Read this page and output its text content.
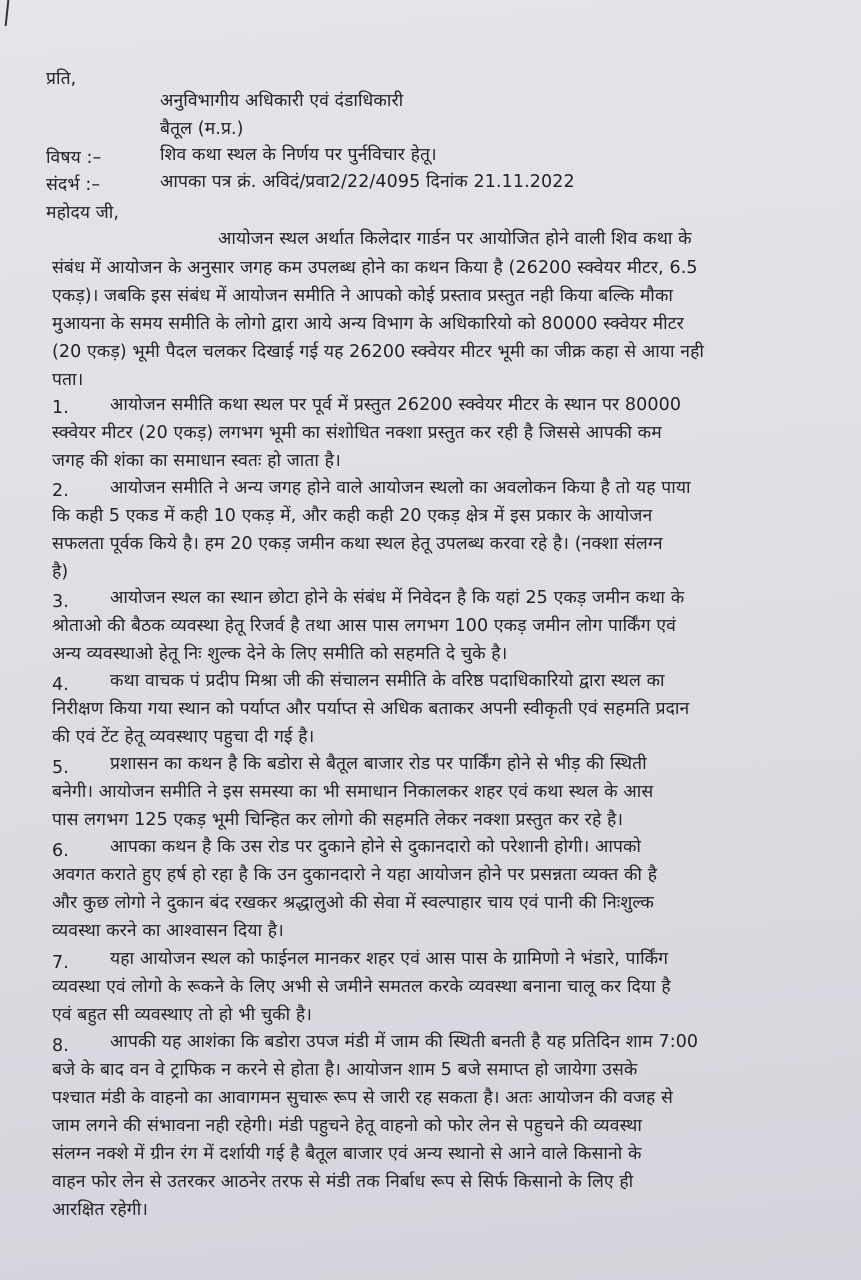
प्रति,
अनुविभागीय अधिकारी एवं दंडाधिकारी
बैतूल (म.प्र.)
विषय :–	शिव कथा स्थल के निर्णय पर पुर्नविचार हेतू।
संदर्भ :–	आपका पत्र क्रं. अविदं/प्रवा2/22/4095 दिनांक 21.11.2022
महोदय जी,
आयोजन स्थल अर्थात किलेदार गार्डन पर आयोजित होने वाली शिव कथा के
संबंध में आयोजन के अनुसार जगह कम उपलब्ध होने का कथन किया है (26200 स्क्वेयर मीटर, 6.5
एकड़)। जबकि इस संबंध में आयोजन समीति ने आपको कोई प्रस्ताव प्रस्तुत नही किया बल्कि मौका
मुआयना के समय समीति के लोगो द्वारा आये अन्य विभाग के अधिकारियो को 80000 स्क्वेयर मीटर
(20 एकड़) भूमी पैदल चलकर दिखाई गई यह 26200 स्क्वेयर मीटर भूमी का जीक्र कहा से आया नही
पता।
1. आयोजन समीति कथा स्थल पर पूर्व में प्रस्तुत 26200 स्क्वेयर मीटर के स्थान पर 80000
स्क्वेयर मीटर (20 एकड़) लगभग भूमी का संशोधित नक्शा प्रस्तुत कर रही है जिससे आपकी कम
जगह की शंका का समाधान स्वतः हो जाता है।
2. आयोजन समीति ने अन्य जगह होने वाले आयोजन स्थलो का अवलोकन किया है तो यह पाया
कि कही 5 एकड में कही 10 एकड़ में, और कही कही 20 एकड़ क्षेत्र में इस प्रकार के आयोजन
सफलता पूर्वक किये है। हम 20 एकड़ जमीन कथा स्थल हेतू उपलब्ध करवा रहे है। (नक्शा संलग्न
है)
3. आयोजन स्थल का स्थान छोटा होने के संबंध में निवेदन है कि यहां 25 एकड़ जमीन कथा के
श्रोताओ की बैठक व्यवस्था हेतू रिजर्व है तथा आस पास लगभग 100 एकड़ जमीन लोग पार्किंग एवं
अन्य व्यवस्थाओ हेतू निः शुल्क देने के लिए समीति को सहमति दे चुके है।
4. कथा वाचक पं प्रदीप मिश्रा जी की संचालन समीति के वरिष्ठ पदाधिकारियो द्वारा स्थल का
निरीक्षण किया गया स्थान को पर्याप्त और पर्याप्त से अधिक बताकर अपनी स्वीकृती एवं सहमति प्रदान
की एवं टेंट हेतू व्यवस्थाए पहुचा दी गई है।
5. प्रशासन का कथन है कि बडोरा से बैतूल बाजार रोड पर पार्किंग होने से भीड़ की स्थिती
बनेगी। आयोजन समीति ने इस समस्या का भी समाधान निकालकर शहर एवं कथा स्थल के आस
पास लगभग 125 एकड़ भूमी चिन्हित कर लोगो की सहमति लेकर नक्शा प्रस्तुत कर रहे है।
6. आपका कथन है कि उस रोड पर दुकाने होने से दुकानदारो को परेशानी होगी। आपको
अवगत कराते हुए हर्ष हो रहा है कि उन दुकानदारो ने यहा आयोजन होने पर प्रसन्नता व्यक्त की है
और कुछ लोगो ने दुकान बंद रखकर श्रद्धालुओ की सेवा में स्वल्पाहार चाय एवं पानी की निःशुल्क
व्यवस्था करने का आश्वासन दिया है।
7. यहा आयोजन स्थल को फाईनल मानकर शहर एवं आस पास के ग्रामिणो ने भंडारे, पार्किंग
व्यवस्था एवं लोगो के रूकने के लिए अभी से जमीने समतल करके व्यवस्था बनाना चालू कर दिया है
एवं बहुत सी व्यवस्थाए तो हो भी चुकी है।
8. आपकी यह आशंका कि बडोरा उपज मंडी में जाम की स्थिती बनती है यह प्रतिदिन शाम 7:00
बजे के बाद वन वे ट्राफिक न करने से होता है। आयोजन शाम 5 बजे समाप्त हो जायेगा उसके
पश्चात मंडी के वाहनो का आवागमन सुचारू रूप से जारी रह सकता है। अतः आयोजन की वजह से
जाम लगने की संभावना नही रहेगी। मंडी पहुचने हेतू वाहनो को फोर लेन से पहुचने की व्यवस्था
संलग्न नक्शे में ग्रीन रंग में दर्शायी गई है बैतूल बाजार एवं अन्य स्थानो से आने वाले किसानो के
वाहन फोर लेन से उतरकर आठनेर तरफ से मंडी तक निर्बाध रूप से सिर्फ किसानो के लिए ही
आरक्षित रहेगी।
